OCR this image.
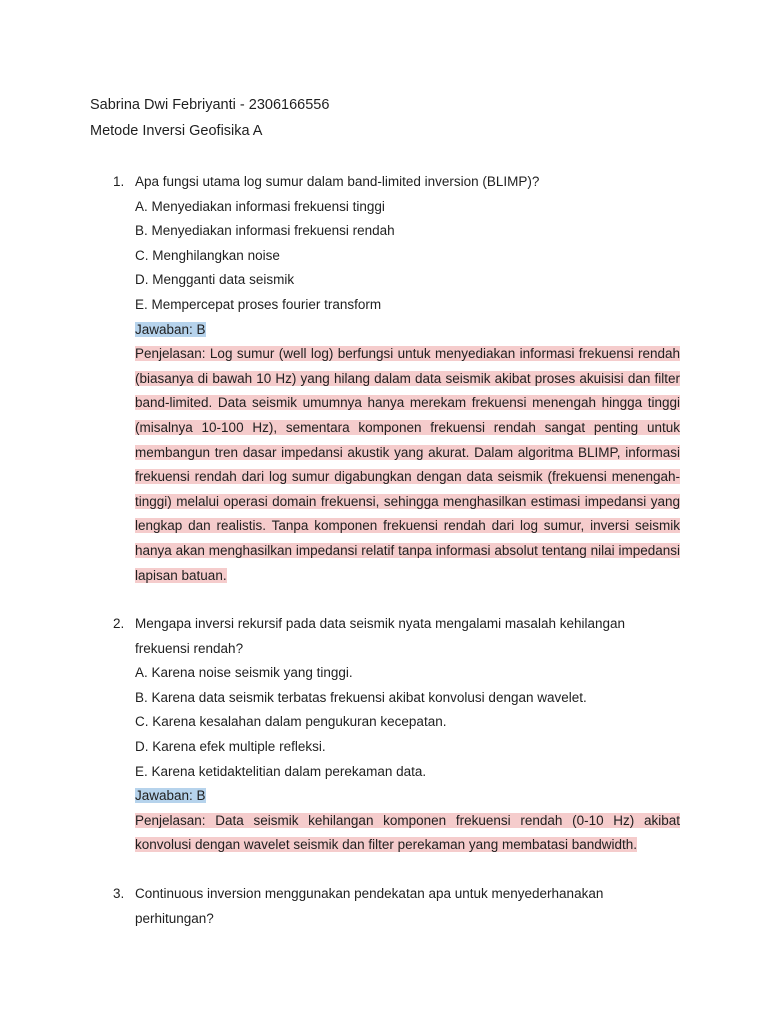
Sabrina Dwi Febriyanti - 2306166556
Metode Inversi Geofisika A
1. Apa fungsi utama log sumur dalam band-limited inversion (BLIMP)?
A. Menyediakan informasi frekuensi tinggi
B. Menyediakan informasi frekuensi rendah
C. Menghilangkan noise
D. Mengganti data seismik
E. Mempercepat proses fourier transform
Jawaban: B
Penjelasan: Log sumur (well log) berfungsi untuk menyediakan informasi frekuensi rendah (biasanya di bawah 10 Hz) yang hilang dalam data seismik akibat proses akuisisi dan filter band-limited. Data seismik umumnya hanya merekam frekuensi menengah hingga tinggi (misalnya 10-100 Hz), sementara komponen frekuensi rendah sangat penting untuk membangun tren dasar impedansi akustik yang akurat. Dalam algoritma BLIMP, informasi frekuensi rendah dari log sumur digabungkan dengan data seismik (frekuensi menengah-tinggi) melalui operasi domain frekuensi, sehingga menghasilkan estimasi impedansi yang lengkap dan realistis. Tanpa komponen frekuensi rendah dari log sumur, inversi seismik hanya akan menghasilkan impedansi relatif tanpa informasi absolut tentang nilai impedansi lapisan batuan.
2. Mengapa inversi rekursif pada data seismik nyata mengalami masalah kehilangan frekuensi rendah?
A. Karena noise seismik yang tinggi.
B. Karena data seismik terbatas frekuensi akibat konvolusi dengan wavelet.
C. Karena kesalahan dalam pengukuran kecepatan.
D. Karena efek multiple refleksi.
E. Karena ketidaktelitian dalam perekaman data.
Jawaban: B
Penjelasan: Data seismik kehilangan komponen frekuensi rendah (0-10 Hz) akibat konvolusi dengan wavelet seismik dan filter perekaman yang membatasi bandwidth.
3. Continuous inversion menggunakan pendekatan apa untuk menyederhanakan perhitungan?
